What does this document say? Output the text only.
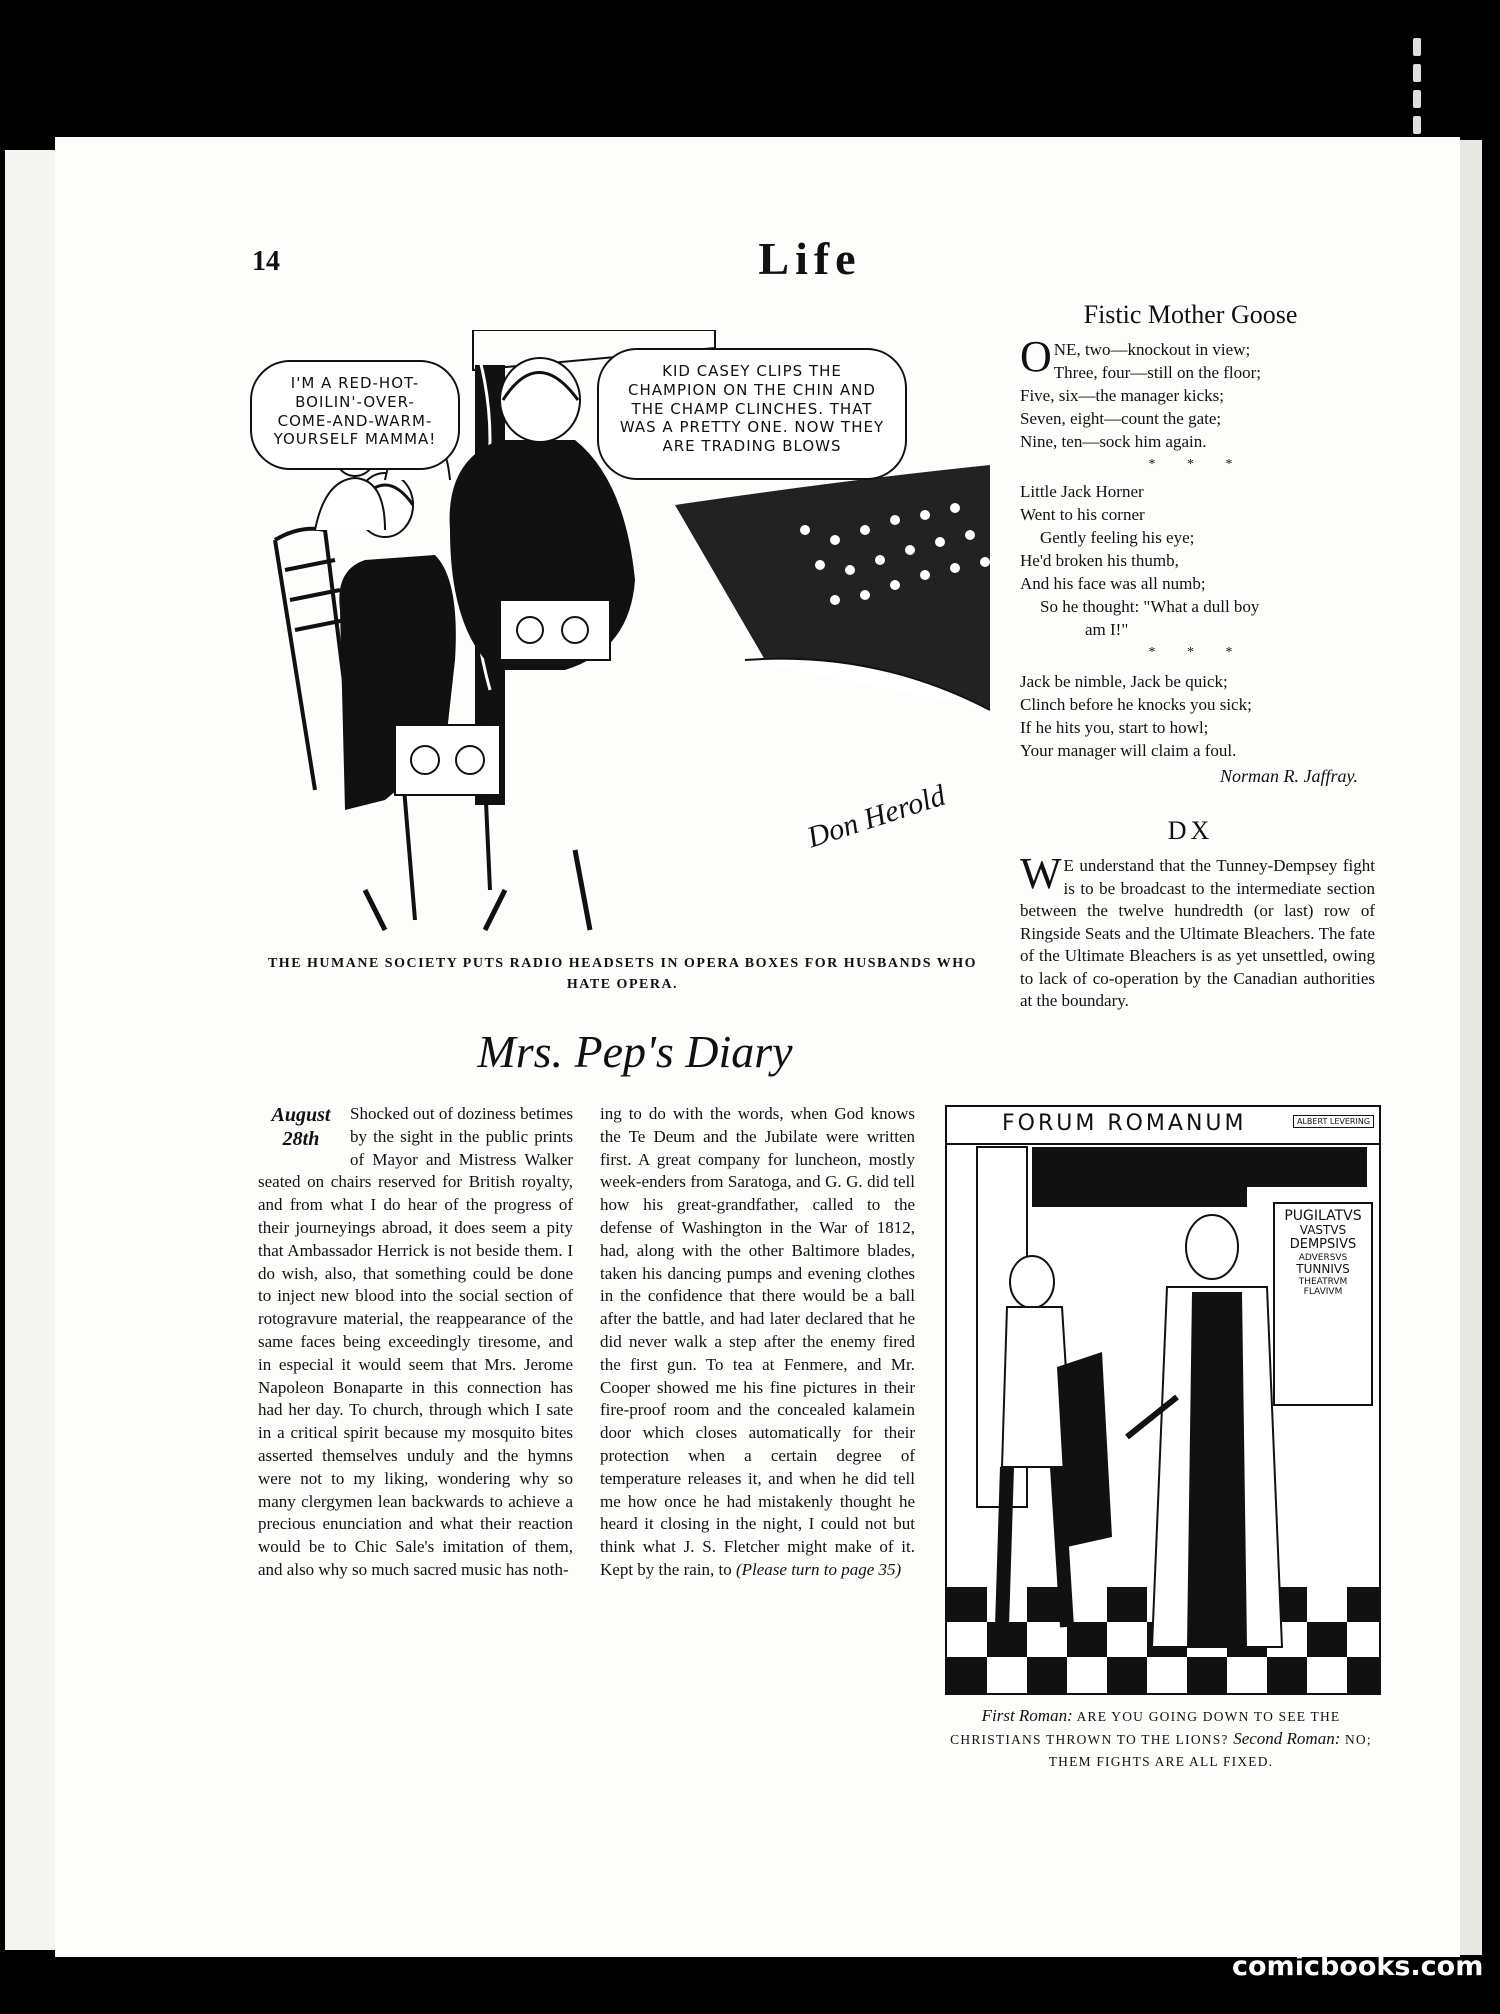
14	Life
I'M A RED-HOT-BOILIN'-OVER-COME-AND-WARM-YOURSELF MAMMA!
KID CASEY CLIPS THE CHAMPION ON THE CHIN AND THE CHAMP CLINCHES. THAT WAS A PRETTY ONE. NOW THEY ARE TRADING BLOWS
Don Herold
THE HUMANE SOCIETY PUTS RADIO HEADSETS IN OPERA BOXES FOR HUSBANDS WHO HATE OPERA.
Fistic Mother Goose
O NE, two—knockout in view;
Three, four—still on the floor;
Five, six—the manager kicks;
Seven, eight—count the gate;
Nine, ten—sock him again.
* * *
Little Jack Horner
Went to his corner
Gently feeling his eye;
He'd broken his thumb,
And his face was all numb;
So he thought: "What a dull boy
am I!"
* * *
Jack be nimble, Jack be quick;
Clinch before he knocks you sick;
If he hits you, start to howl;
Your manager will claim a foul.
Norman R. Jaffray.
DX
W E understand that the Tunney-Dempsey fight is to be broadcast to the intermediate section between the twelve hundredth (or last) row of Ringside Seats and the Ultimate Bleachers. The fate of the Ultimate Bleachers is as yet unsettled, owing to lack of co-operation by the Canadian authorities at the boundary.
Mrs. Pep's Diary
August 28th
Shocked out of doziness betimes by the sight in the public prints of Mayor and Mistress Walker seated on chairs reserved for British royalty, and from what I do hear of the progress of their journeyings abroad, it does seem a pity that Ambassador Herrick is not beside them. I do wish, also, that something could be done to inject new blood into the social section of rotogravure material, the reappearance of the same faces being exceedingly tiresome, and in especial it would seem that Mrs. Jerome Napoleon Bonaparte in this connection has had her day. To church, through which I sate in a critical spirit because my mosquito bites asserted themselves unduly and the hymns were not to my liking, wondering why so many clergymen lean backwards to achieve a precious enunciation and what their reaction would be to Chic Sale's imitation of them, and also why so much sacred music has noth-
ing to do with the words, when God knows the Te Deum and the Jubilate were written first. A great company for luncheon, mostly week-enders from Saratoga, and G. G. did tell how his great-grandfather, called to the defense of Washington in the War of 1812, had, along with the other Baltimore blades, taken his dancing pumps and evening clothes in the confidence that there would be a ball after the battle, and had later declared that he did never walk a step after the enemy fired the first gun. To tea at Fenmere, and Mr. Cooper showed me his fine pictures in their fire-proof room and the concealed kalamein door which closes automatically for their protection when a certain degree of temperature releases it, and when he did tell me how once he had mistakenly thought he heard it closing in the night, I could not but think what J. S. Fletcher might make of it. Kept by the rain, to (Please turn to page 35)
FORUM ROMANUM	ALBERT LEVERING
PUGILATVS
VASTVS
DEMPSIVS
ADVERSVS
TUNNIVS
THEATRVM
FLAVIVM
First Roman: ARE YOU GOING DOWN TO SEE THE CHRISTIANS THROWN TO THE LIONS? Second Roman: NO; THEM FIGHTS ARE ALL FIXED.
comicbooks.com
